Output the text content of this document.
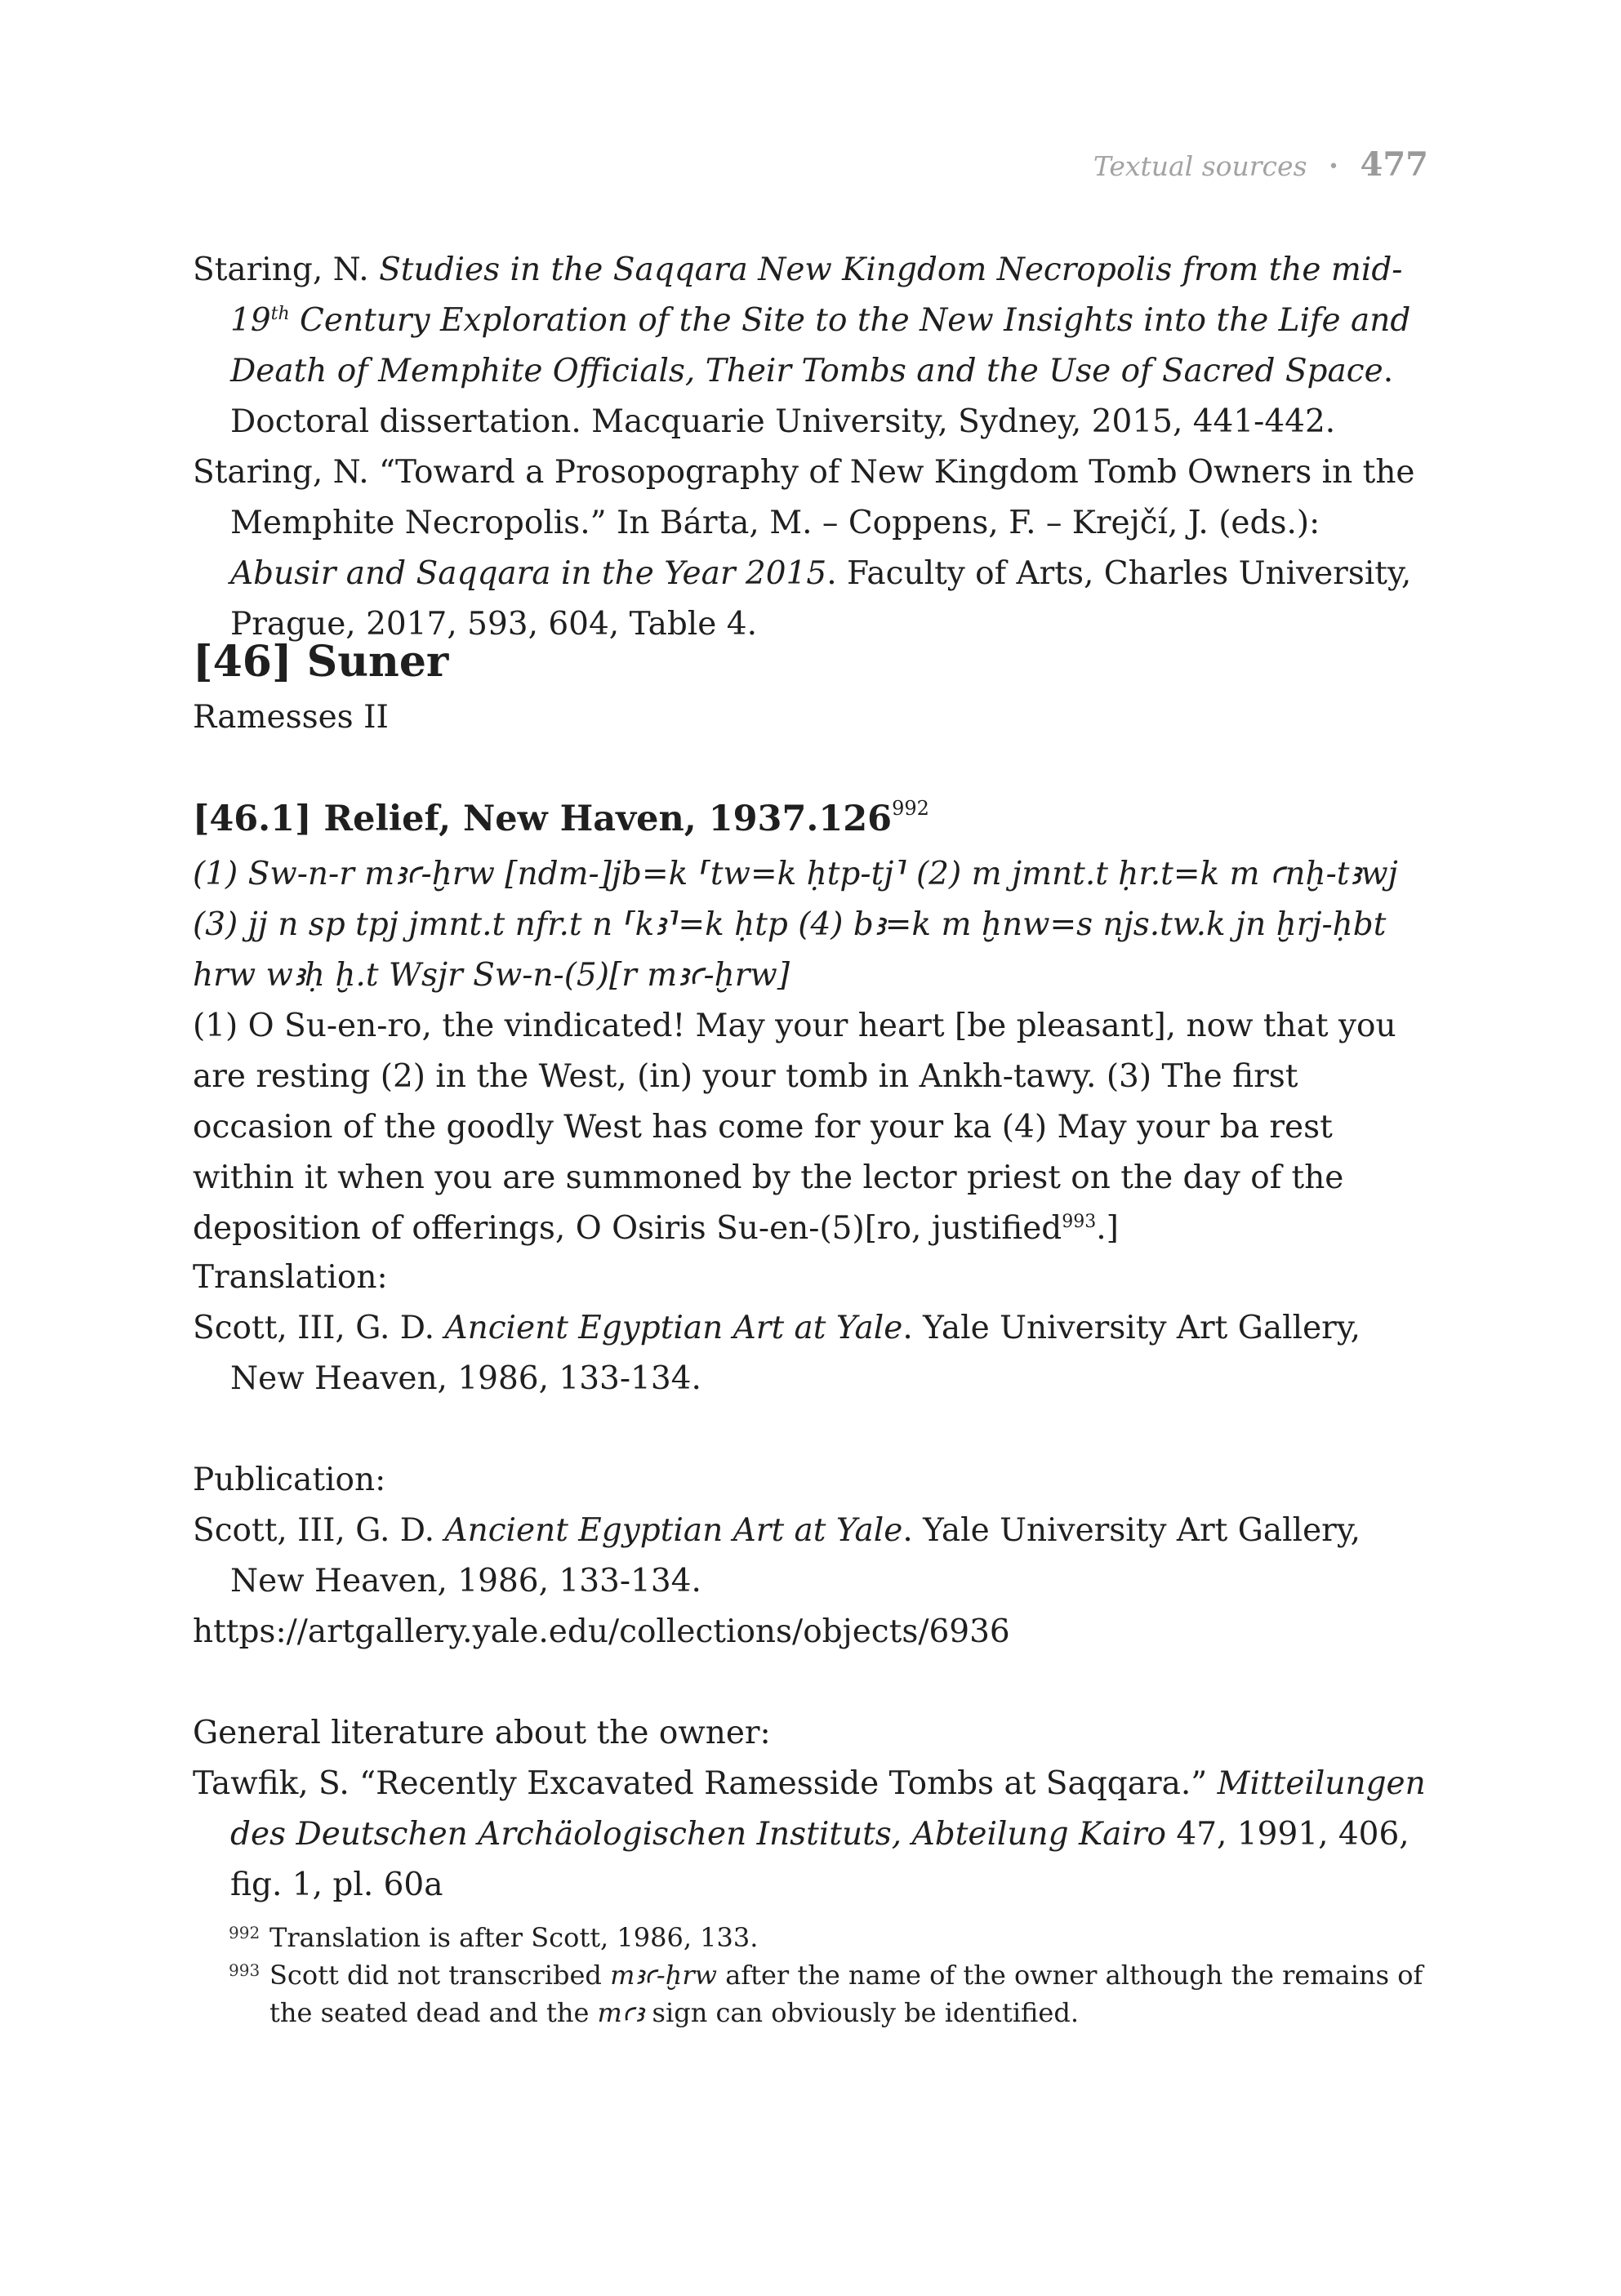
Textual sources • 477

Staring, N. Studies in the Saqqara New Kingdom Necropolis from the mid-19th Century Exploration of the Site to the New Insights into the Life and Death of Memphite Officials, Their Tombs and the Use of Sacred Space. Doctoral dissertation. Macquarie University, Sydney, 2015, 441-442.

Staring, N. “Toward a Prosopography of New Kingdom Tomb Owners in the Memphite Necropolis.” In Bárta, M. – Coppens, F. – Krejčí, J. (eds.): Abusir and Saqqara in the Year 2015. Faculty of Arts, Charles University, Prague, 2017, 593, 604, Table 4.

[46] Suner

Ramesses II

[46.1] Relief, New Haven, 1937.126$^{992}$

(1) Sw-n-r mꜣꜥ-ḫrw [ndm-]jb=k ⸢tw=k ḥtp-tj⸣ (2) m jmnt.t ḥr.t=k m ꜥnḫ-tꜣwj (3) jj n sp tpj jmnt.t nfr.t n ⸢kꜣ⸣=k ḥtp (4) bꜣ=k m ḫnw=s njs.tw.k jn ḫrj-ḥbt hrw wꜣḥ ḫ.t Wsjr Sw-n-(5)[r mꜣꜥ-ḫrw]

(1) O Su-en-ro, the vindicated! May your heart [be pleasant], now that you are resting (2) in the West, (in) your tomb in Ankh-tawy. (3) The first occasion of the goodly West has come for your ka (4) May your ba rest within it when you are summoned by the lector priest on the day of the deposition of offerings, O Osiris Su-en-(5)[ro, justified$^{993}$.]

Translation:

Scott, III, G. D. Ancient Egyptian Art at Yale. Yale University Art Gallery, New Heaven, 1986, 133-134.

Publication:

Scott, III, G. D. Ancient Egyptian Art at Yale. Yale University Art Gallery, New Heaven, 1986, 133-134.

https://artgallery.yale.edu/collections/objects/6936

General literature about the owner:

Tawfik, S. “Recently Excavated Ramesside Tombs at Saqqara.” Mitteilungen des Deutschen Archäologischen Instituts, Abteilung Kairo 47, 1991, 406, fig. 1, pl. 60a

992 Translation is after Scott, 1986, 133.
993 Scott did not transcribed mꜣꜥ-ḫrw after the name of the owner although the remains of the seated dead and the mꜥꜣ sign can obviously be identified.
